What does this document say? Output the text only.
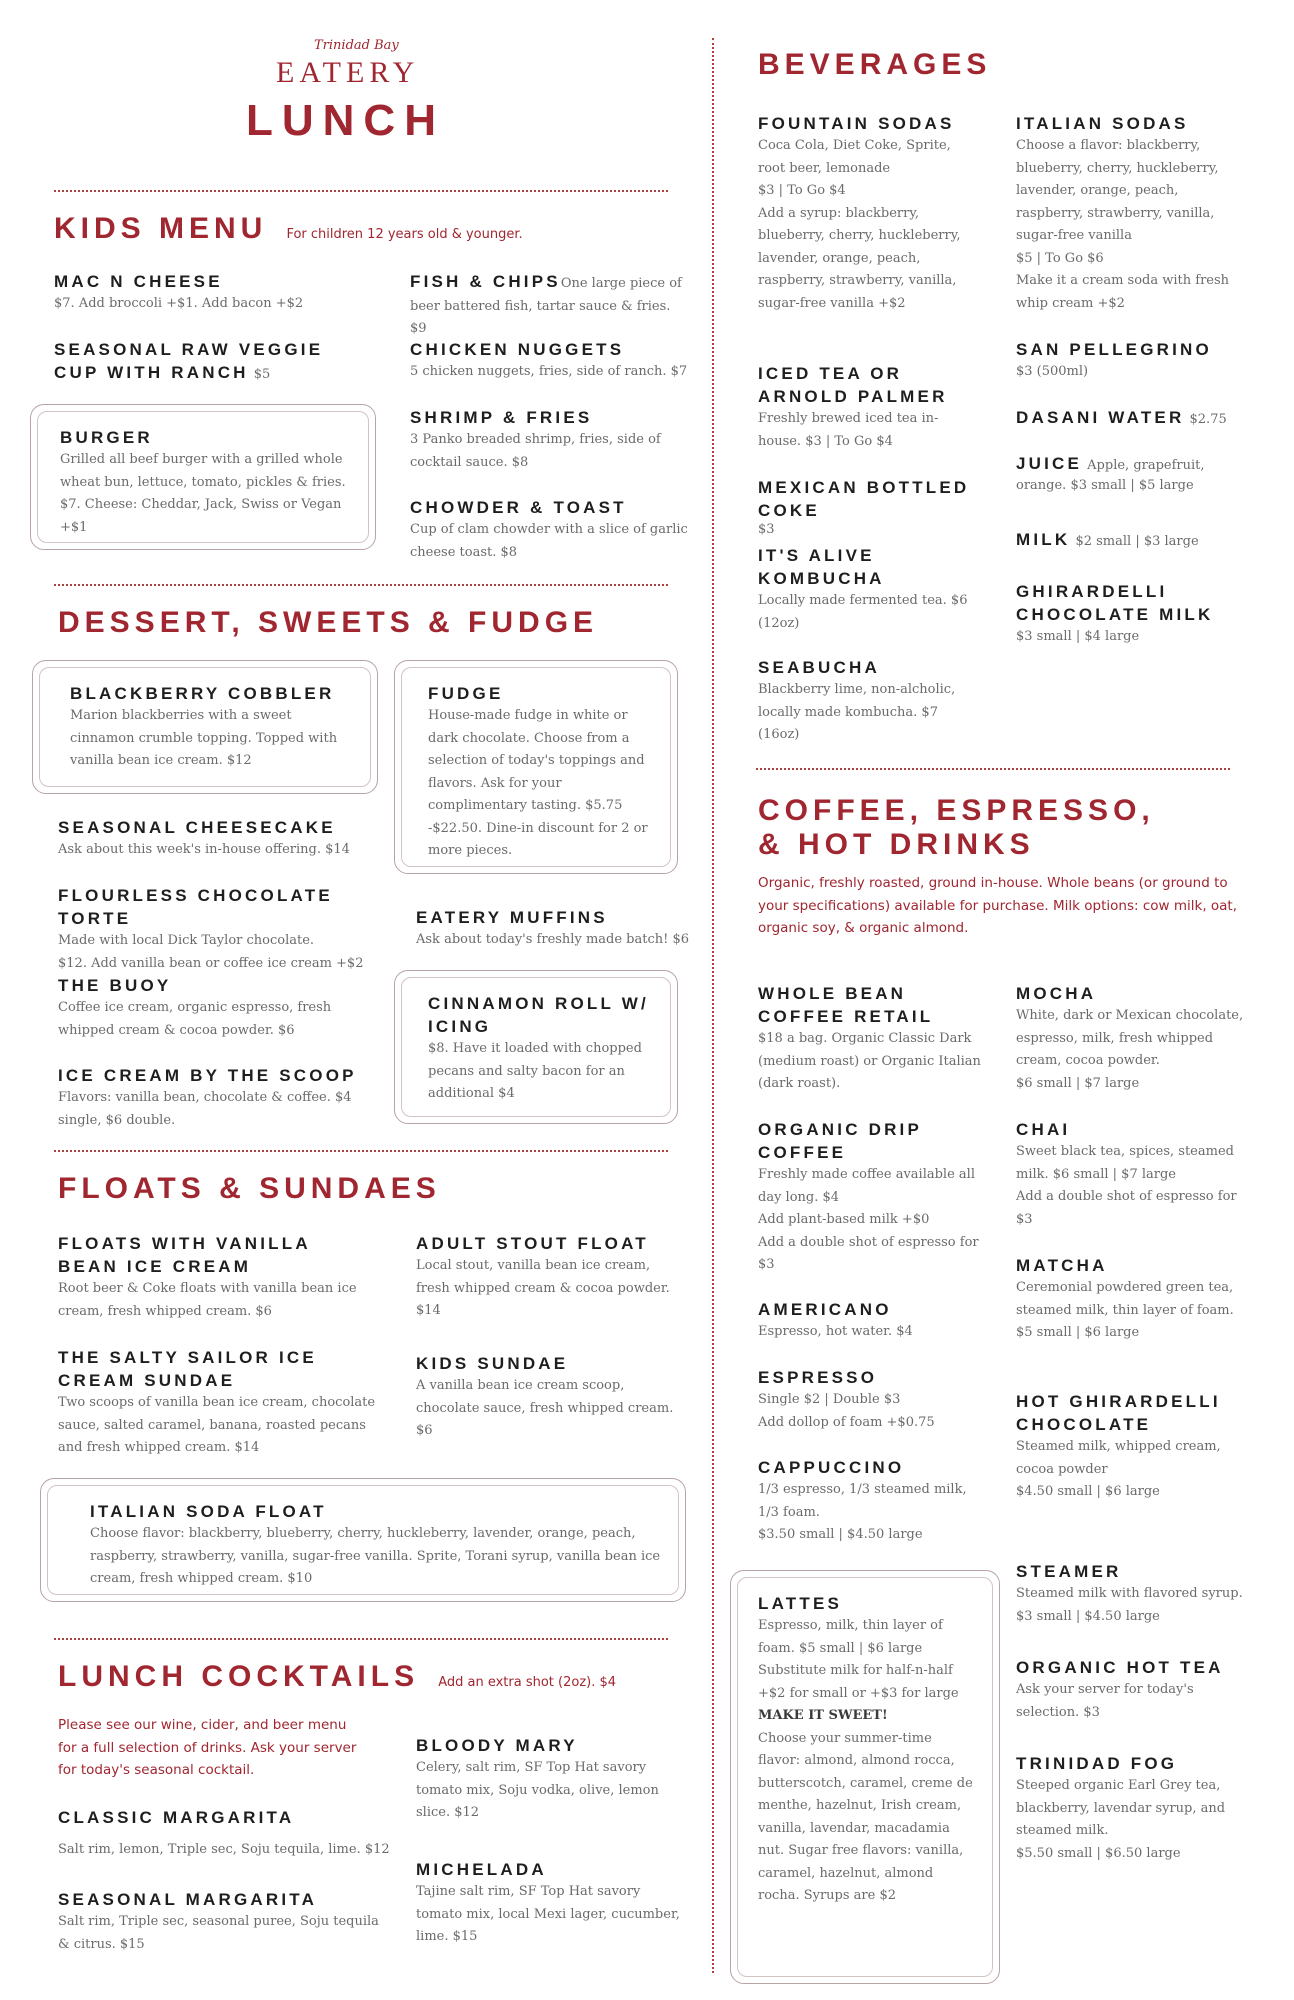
Trinidad Bay
EATERY
LUNCH
KIDS MENU For children 12 years old & younger.
MAC N CHEESE
$7. Add broccoli +$1. Add bacon +$2
SEASONAL RAW VEGGIE CUP WITH RANCH $5
BURGER
Grilled all beef burger with a grilled whole wheat bun, lettuce, tomato, pickles & fries. $7. Cheese: Cheddar, Jack, Swiss or Vegan +$1
FISH & CHIPSOne large piece of beer battered fish, tartar sauce & fries. $9
CHICKEN NUGGETS
5 chicken nuggets, fries, side of ranch. $7
SHRIMP & FRIES
3 Panko breaded shrimp, fries, side of cocktail sauce. $8
CHOWDER & TOAST
Cup of clam chowder with a slice of garlic cheese toast. $8
DESSERT, SWEETS & FUDGE
BLACKBERRY COBBLER
Marion blackberries with a sweet cinnamon crumble topping. Topped with vanilla bean ice cream. $12
FUDGE
House-made fudge in white or dark chocolate. Choose from a selection of today's toppings and flavors. Ask for your complimentary tasting. $5.75 -$22.50. Dine-in discount for 2 or more pieces.
SEASONAL CHEESECAKE
Ask about this week's in-house offering. $14
FLOURLESS CHOCOLATE TORTE
Made with local Dick Taylor chocolate.
$12. Add vanilla bean or coffee ice cream +$2
EATERY MUFFINS
Ask about today's freshly made batch! $6
THE BUOY
Coffee ice cream, organic espresso, fresh whipped cream & cocoa powder. $6
CINNAMON ROLL W/ ICING
$8. Have it loaded with chopped pecans and salty bacon for an additional $4
ICE CREAM BY THE SCOOP
Flavors: vanilla bean, chocolate & coffee. $4 single, $6 double.
FLOATS & SUNDAES
FLOATS WITH VANILLA BEAN ICE CREAM
Root beer & Coke floats with vanilla bean ice cream, fresh whipped cream. $6
ADULT STOUT FLOAT
Local stout, vanilla bean ice cream, fresh whipped cream & cocoa powder. $14
THE SALTY SAILOR ICE CREAM SUNDAE
Two scoops of vanilla bean ice cream, chocolate sauce, salted caramel, banana, roasted pecans and fresh whipped cream. $14
KIDS SUNDAE
A vanilla bean ice cream scoop, chocolate sauce, fresh whipped cream. $6
ITALIAN SODA FLOAT
Choose flavor: blackberry, blueberry, cherry, huckleberry, lavender, orange, peach, raspberry, strawberry, vanilla, sugar-free vanilla. Sprite, Torani syrup, vanilla bean ice cream, fresh whipped cream. $10
LUNCH COCKTAILS Add an extra shot (2oz). $4
Please see our wine, cider, and beer menu for a full selection of drinks. Ask your server for today's seasonal cocktail.
CLASSIC MARGARITA
Salt rim, lemon, Triple sec, Soju tequila, lime. $12
SEASONAL MARGARITA
Salt rim, Triple sec, seasonal puree, Soju tequila & citrus. $15
BLOODY MARY
Celery, salt rim, SF Top Hat savory tomato mix, Soju vodka, olive, lemon slice. $12
MICHELADA
Tajine salt rim, SF Top Hat savory tomato mix, local Mexi lager, cucumber, lime. $15
BEVERAGES
FOUNTAIN SODAS
Coca Cola, Diet Coke, Sprite, root beer, lemonade
$3 | To Go $4
Add a syrup: blackberry, blueberry, cherry, huckleberry, lavender, orange, peach, raspberry, strawberry, vanilla, sugar-free vanilla +$2
ICED TEA OR ARNOLD PALMER
Freshly brewed iced tea in-house. $3 | To Go $4
MEXICAN BOTTLED COKE
$3
IT'S ALIVE KOMBUCHA
Locally made fermented tea. $6 (12oz)
SEABUCHA
Blackberry lime, non-alcholic, locally made kombucha. $7 (16oz)
ITALIAN SODAS
Choose a flavor: blackberry, blueberry, cherry, huckleberry, lavender, orange, peach, raspberry, strawberry, vanilla, sugar-free vanilla
$5 | To Go $6
Make it a cream soda with fresh whip cream +$2
SAN PELLEGRINO
$3 (500ml)
DASANI WATER $2.75
JUICE Apple, grapefruit,
orange. $3 small | $5 large
MILK $2 small | $3 large
GHIRARDELLI CHOCOLATE MILK
$3 small | $4 large
COFFEE, ESPRESSO,
& HOT DRINKS
Organic, freshly roasted, ground in-house. Whole beans (or ground to your specifications) available for purchase. Milk options: cow milk, oat, organic soy, & organic almond.
WHOLE BEAN COFFEE RETAIL
$18 a bag. Organic Classic Dark (medium roast) or Organic Italian (dark roast).
ORGANIC DRIP COFFEE
Freshly made coffee available all day long. $4
Add plant-based milk +$0
Add a double shot of espresso for $3
AMERICANO
Espresso, hot water. $4
ESPRESSO
Single $2 | Double $3
Add dollop of foam +$0.75
CAPPUCCINO
1/3 espresso, 1/3 steamed milk, 1/3 foam.
$3.50 small | $4.50 large
LATTES
Espresso, milk, thin layer of foam. $5 small | $6 large
Substitute milk for half-n-half +$2 for small or +$3 for large
MAKE IT SWEET!
Choose your summer-time flavor: almond, almond rocca, butterscotch, caramel, creme de menthe, hazelnut, Irish cream, vanilla, lavendar, macadamia nut. Sugar free flavors: vanilla, caramel, hazelnut, almond rocha. Syrups are $2
MOCHA
White, dark or Mexican chocolate, espresso, milk, fresh whipped cream, cocoa powder.
$6 small | $7 large
CHAI
Sweet black tea, spices, steamed milk. $6 small | $7 large
Add a double shot of espresso for $3
MATCHA
Ceremonial powdered green tea, steamed milk, thin layer of foam.
$5 small | $6 large
HOT GHIRARDELLI CHOCOLATE
Steamed milk, whipped cream, cocoa powder
$4.50 small | $6 large
STEAMER
Steamed milk with flavored syrup. $3 small | $4.50 large
ORGANIC HOT TEA
Ask your server for today's selection. $3
TRINIDAD FOG
Steeped organic Earl Grey tea, blackberry, lavendar syrup, and steamed milk.
$5.50 small | $6.50 large
